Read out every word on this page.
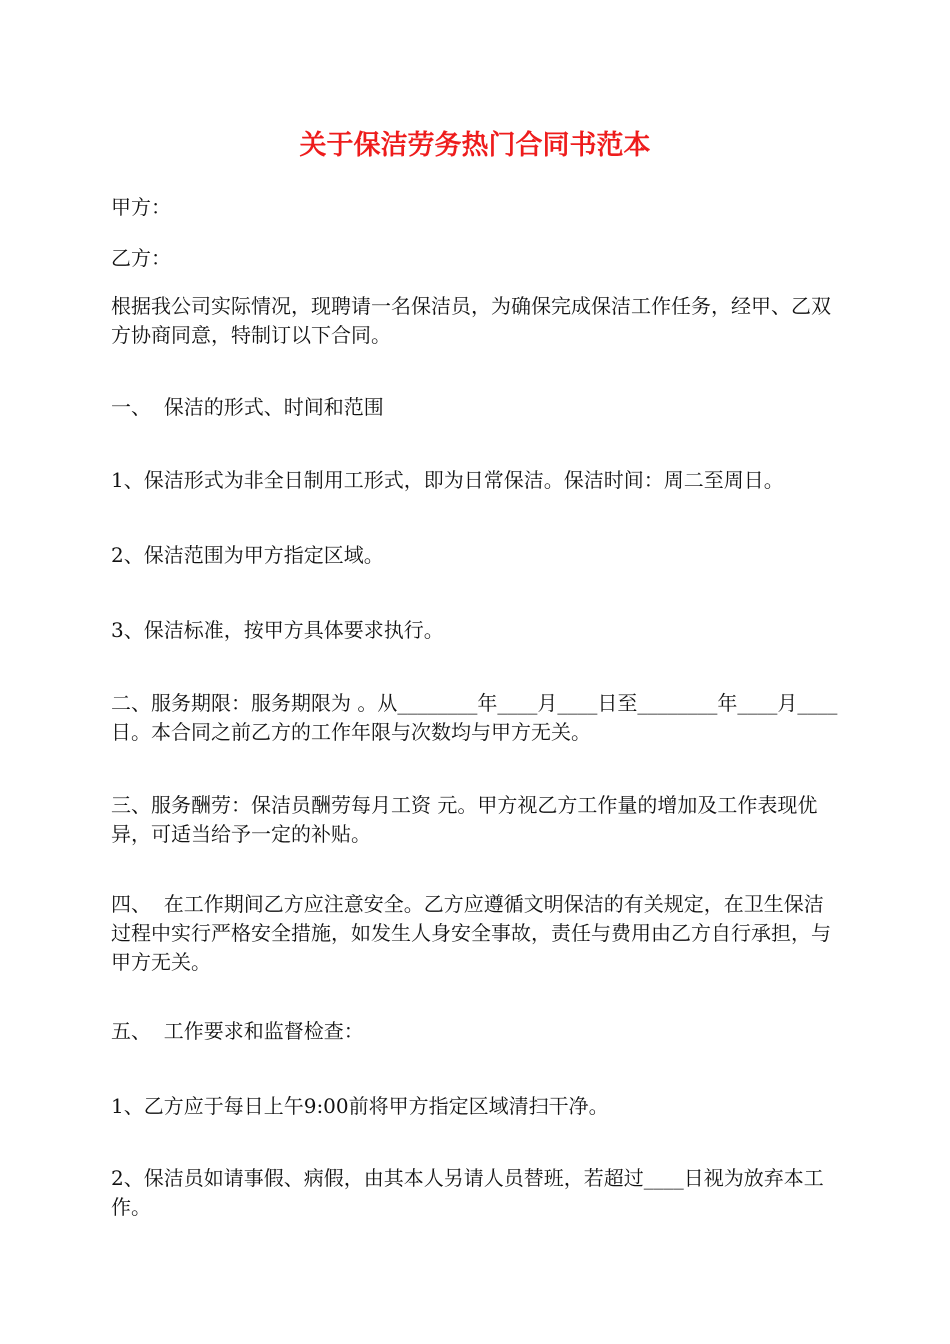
关于保洁劳务热门合同书范本

甲方：

乙方：

根据我公司实际情况，现聘请一名保洁员，为确保完成保洁工作任务，经甲、乙双方协商同意，特制订以下合同。

一、  保洁的形式、时间和范围

1、保洁形式为非全日制用工形式，即为日常保洁。保洁时间：周二至周日。

2、保洁范围为甲方指定区域。

3、保洁标准，按甲方具体要求执行。

二、服务期限：服务期限为 。从________年____月____日至________年____月____日。本合同之前乙方的工作年限与次数均与甲方无关。

三、服务酬劳：保洁员酬劳每月工资 元。甲方视乙方工作量的增加及工作表现优异，可适当给予一定的补贴。

四、  在工作期间乙方应注意安全。乙方应遵循文明保洁的有关规定，在卫生保洁过程中实行严格安全措施，如发生人身安全事故，责任与费用由乙方自行承担，与甲方无关。

五、  工作要求和监督检查：

1、乙方应于每日上午9:00前将甲方指定区域清扫干净。

2、保洁员如请事假、病假，由其本人另请人员替班，若超过____日视为放弃本工作。
